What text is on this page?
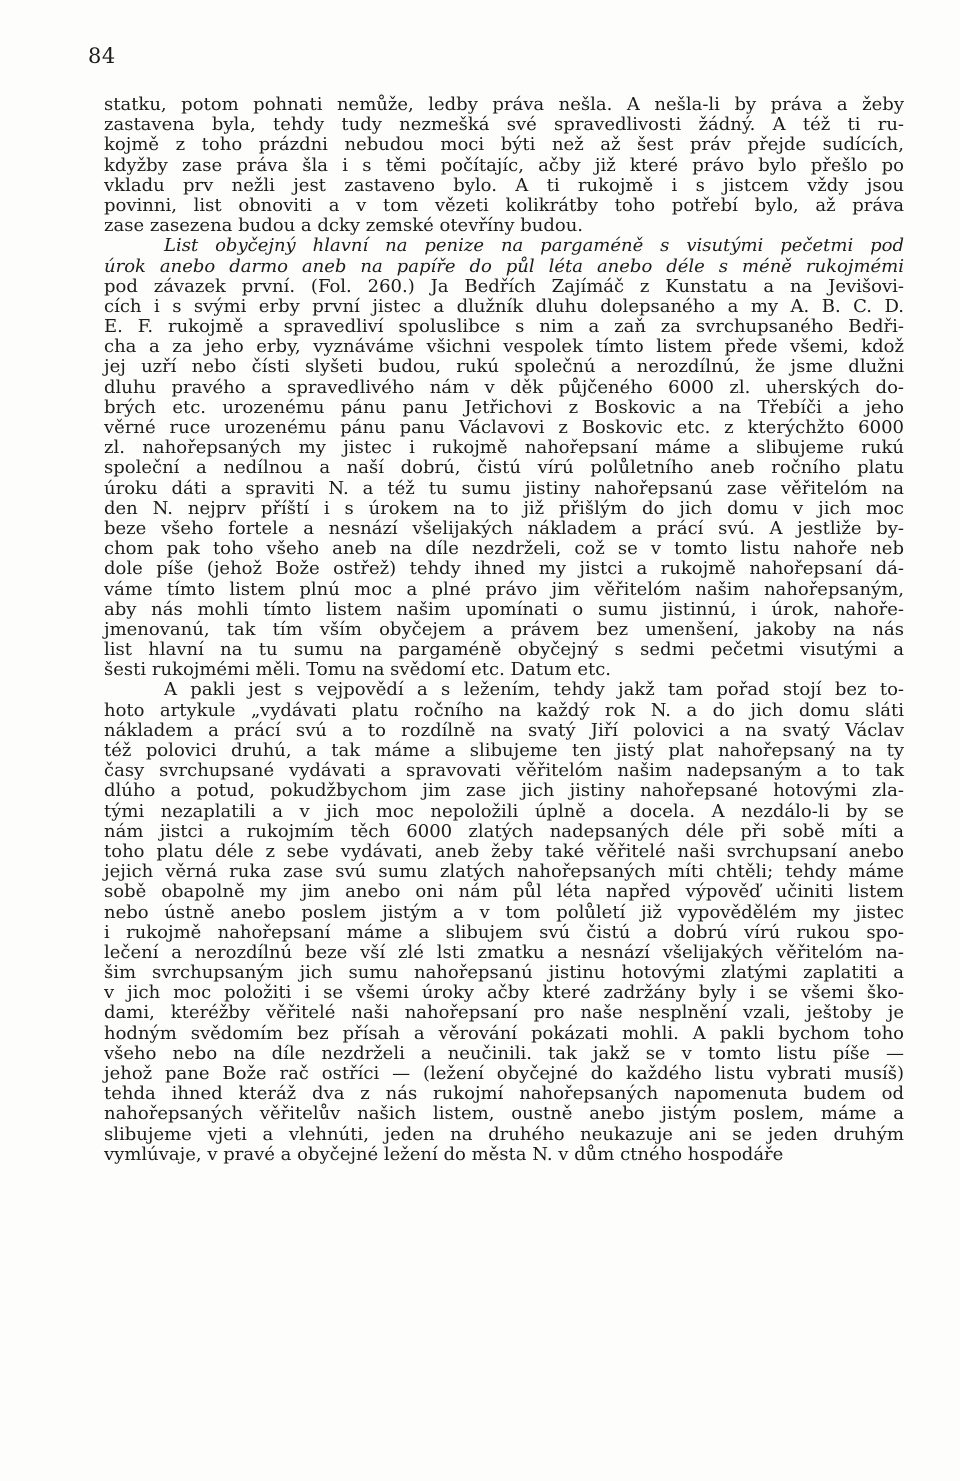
84
statku, potom pohnati nemůže, ledby práva nešla. A nešla-li by práva a žeby
zastavena byla, tehdy tudy nezmešká své spravedlivosti žádný. A též ti ru-
kojmě z toho prázdni nebudou moci býti než až šest práv přejde sudících,
kdyžby zase práva šla i s těmi počítajíc, ačby již které právo bylo přešlo po
vkladu prv nežli jest zastaveno bylo. A ti rukojmě i s jistcem vždy jsou
povinni, list obnoviti a v tom vězeti kolikrátby toho potřebí bylo, až práva
zase zasezena budou a dcky zemské otevříny budou.
List obyčejný hlavní na penize na pargaméně s visutými pečetmi pod
úrok anebo darmo aneb na papíře do půl léta anebo déle s méně rukojmémi
pod závazek první. (Fol. 260.) Ja Bedřích Zajímáč z Kunstatu a na Jevišovi-
cích i s svými erby první jistec a dlužník dluhu dolepsaného a my A. B. C. D.
E. F. rukojmě a spravedliví spoluslibce s nim a zaň za svrchupsaného Bedři-
cha a za jeho erby, vyznáváme všichni vespolek tímto listem přede všemi, kdož
jej uzří nebo čísti slyšeti budou, rukú společnú a nerozdílnú, že jsme dlužni
dluhu pravého a spravedlivého nám v děk půjčeného 6000 zl. uherských do-
brých etc. urozenému pánu panu Jetřichovi z Boskovic a na Třebíči a jeho
věrné ruce urozenému pánu panu Václavovi z Boskovic etc. z kterýchžto 6000
zl. nahořepsaných my jistec i rukojmě nahořepsaní máme a slibujeme rukú
společní a nedílnou a naší dobrú, čistú vírú polůletního aneb ročního platu
úroku dáti a spraviti N. a též tu sumu jistiny nahořepsanú zase věřitelóm na
den N. nejprv příští i s úrokem na to již přišlým do jich domu v jich moc
beze všeho fortele a nesnází všelijakých nákladem a prácí svú. A jestliže by-
chom pak toho všeho aneb na díle nezdrželi, což se v tomto listu nahoře neb
dole píše (jehož Bože ostřež) tehdy ihned my jistci a rukojmě nahořepsaní dá-
váme tímto listem plnú moc a plné právo jim věřitelóm našim nahořepsaným,
aby nás mohli tímto listem našim upomínati o sumu jistinnú, i úrok, nahoře-
jmenovanú, tak tím vším obyčejem a právem bez umenšení, jakoby na nás
list hlavní na tu sumu na pargaméně obyčejný s sedmi pečetmi visutými a
šesti rukojmémi měli. Tomu na svědomí etc. Datum etc.
A pakli jest s vejpovědí a s ležením, tehdy jakž tam pořad stojí bez to-
hoto artykule „vydávati platu ročního na každý rok N. a do jich domu sláti
nákladem a prácí svú a to rozdílně na svatý Jiří polovici a na svatý Václav
též polovici druhú, a tak máme a slibujeme ten jistý plat nahořepsaný na ty
časy svrchupsané vydávati a spravovati věřitelóm našim nadepsaným a to tak
dlúho a potud, pokudžbychom jim zase jich jistiny nahořepsané hotovými zla-
tými nezaplatili a v jich moc nepoložili úplně a docela. A nezdálo-li by se
nám jistci a rukojmím těch 6000 zlatých nadepsaných déle při sobě míti a
toho platu déle z sebe vydávati, aneb žeby také věřitelé naši svrchupsaní anebo
jejich věrná ruka zase svú sumu zlatých nahořepsaných míti chtěli; tehdy máme
sobě obapolně my jim anebo oni nám půl léta napřed výpověď učiniti listem
nebo ústně anebo poslem jistým a v tom polůletí již vypovědělém my jistec
i rukojmě nahořepsaní máme a slibujem svú čistú a dobrú vírú rukou spo-
lečení a nerozdílnú beze vší zlé lsti zmatku a nesnází všelijakých věřitelóm na-
šim svrchupsaným jich sumu nahořepsanú jistinu hotovými zlatými zaplatiti a
v jich moc položiti i se všemi úroky ačby které zadržány byly i se všemi ško-
dami, kteréžby věřitelé naši nahořepsaní pro naše nesplnění vzali, ještoby je
hodným svědomím bez přísah a věrování pokázati mohli. A pakli bychom toho
všeho nebo na díle nezdrželi a neučinili. tak jakž se v tomto listu píše —
jehož pane Bože rač ostříci — (ležení obyčejné do každého listu vybrati musíš)
tehda ihned kteráž dva z nás rukojmí nahořepsaných napomenuta budem od
nahořepsaných věřitelův našich listem, oustně anebo jistým poslem, máme a
slibujeme vjeti a vlehnúti, jeden na druhého neukazuje ani se jeden druhým
vymlúvaje, v pravé a obyčejné ležení do města N. v dům ctného hospodáře
